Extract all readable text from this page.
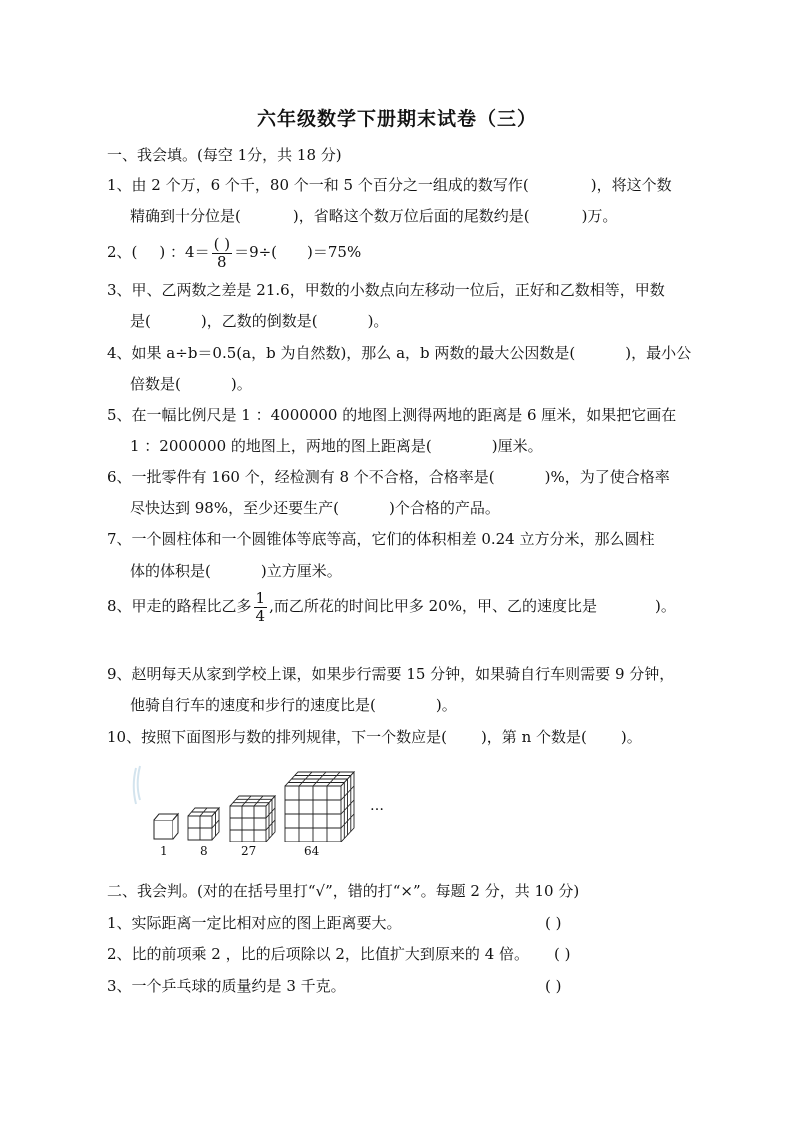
六年级数学下册期末试卷（三）
一、我会填。(每空 1分，共 18 分)
1、由 2 个万，6 个千，80 个一和 5 个百分之一组成的数写作(	)，将这个数
精确到十分位是(	)，省略这个数万位后面的尾数约是(	)万。
2、( ) ：$4= \frac{( )}{8} =9\div$( )＝75%
3、甲、乙两数之差是 21.6，甲数的小数点向左移动一位后，正好和乙数相等，甲数
是(	)，乙数的倒数是(	)。
4、如果 a÷b＝0.5(a，b 为自然数)，那么 a，b 两数的最大公因数是(	)，最小公
倍数是(	)。
5、在一幅比例尺是 1 ：4000000 的地图上测得两地的距离是 6 厘米，如果把它画在
1 ：2000000 的地图上，两地的图上距离是(	)厘米。
6、一批零件有 160 个，经检测有 8 个不合格，合格率是(	)%，为了使合格率
尽快达到 98%，至少还要生产(	)个合格的产品。
7、一个圆柱体和一个圆锥体等底等高，它们的体积相差 0.24 立方分米，那么圆柱
体的体积是(	)立方厘米。
8、甲走的路程比乙多 $\frac{1}{4}$ ,而乙所花的时间比甲多 20%，甲、乙的速度比是	)。
9、赵明每天从家到学校上课，如果步行需要 15 分钟，如果骑自行车则需要 9 分钟，
他骑自行车的速度和步行的速度比是(	)。
10、按照下面图形与数的排列规律，下一个数应是( )，第 n 个数是( )。
…
1	8	27	64
二、我会判。(对的在括号里打“√”，错的打“×”。每题 2 分，共 10 分)
1、实际距离一定比相对应的图上距离要大。	( )
2、比的前项乘 2 ，比的后项除以 2，比值扩大到原来的 4 倍。 ( )
3、一个乒乓球的质量约是 3 千克。	( )
